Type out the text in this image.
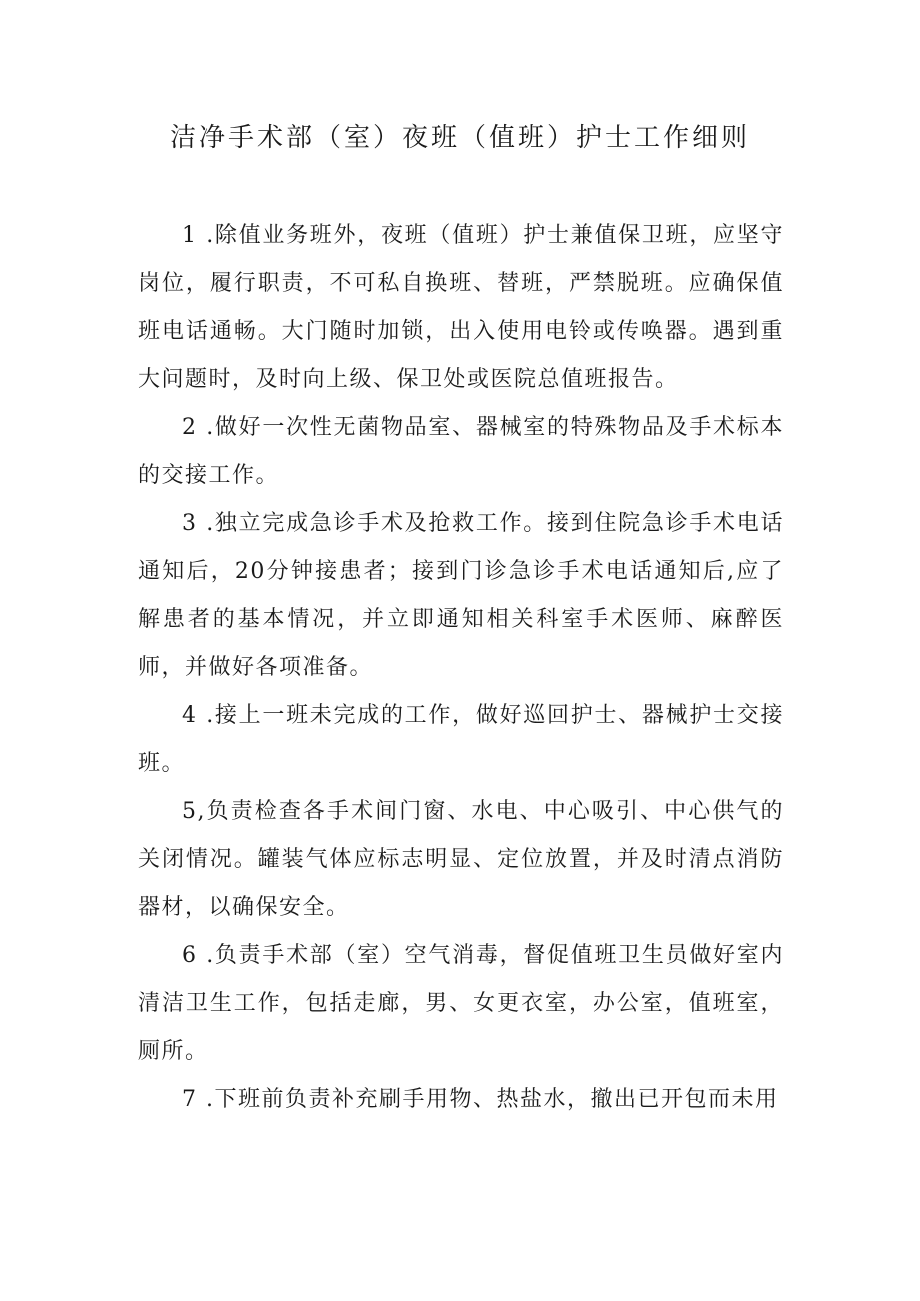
洁净手术部（室）夜班（值班）护士工作细则

1 .除值业务班外，夜班（值班）护士兼值保卫班，应坚守岗位，履行职责，不可私自换班、替班，严禁脱班。应确保值班电话通畅。大门随时加锁，出入使用电铃或传唤器。遇到重大问题时，及时向上级、保卫处或医院总值班报告。

2 .做好一次性无菌物品室、器械室的特殊物品及手术标本的交接工作。

3 .独立完成急诊手术及抢救工作。接到住院急诊手术电话通知后，20分钟接患者；接到门诊急诊手术电话通知后,应了解患者的基本情况，并立即通知相关科室手术医师、麻醉医师，并做好各项准备。

4 .接上一班未完成的工作，做好巡回护士、器械护士交接班。

5,负责检查各手术间门窗、水电、中心吸引、中心供气的关闭情况。罐装气体应标志明显、定位放置，并及时清点消防器材，以确保安全。

6 .负责手术部（室）空气消毒，督促值班卫生员做好室内清洁卫生工作，包括走廊，男、女更衣室，办公室，值班室，厕所。

7 .下班前负责补充刷手用物、热盐水，撤出已开包而未用
